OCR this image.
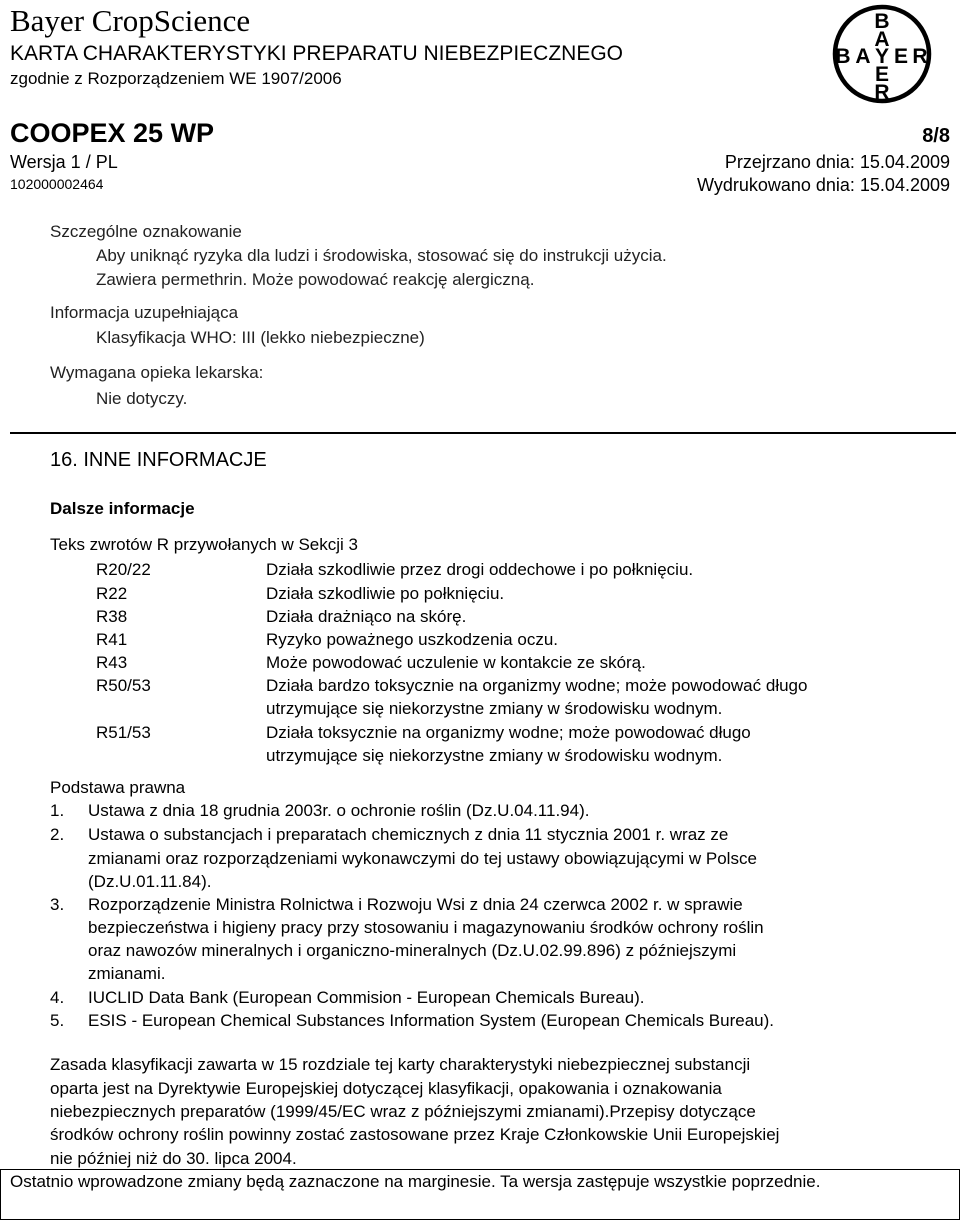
Bayer CropScience
KARTA CHARAKTERYSTYKI PREPARATU NIEBEZPIECZNEGO
zgodnie z Rozporządzeniem WE 1907/2006
B
A
B A Y E R
E
R
COOPEX 25 WP	8/8
Wersja 1 / PL	Przejrzano dnia: 15.04.2009
102000002464	Wydrukowano dnia: 15.04.2009
Szczególne oznakowanie
Aby uniknąć ryzyka dla ludzi i środowiska, stosować się do instrukcji użycia.
Zawiera permethrin. Może powodować reakcję alergiczną.
Informacja uzupełniająca
Klasyfikacja WHO: III (lekko niebezpieczne)
Wymagana opieka lekarska:
Nie dotyczy.
16. INNE INFORMACJE
Dalsze informacje
Teks zwrotów R przywołanych w Sekcji 3
R20/22	Działa szkodliwie przez drogi oddechowe i po połknięciu.
R22	Działa szkodliwie po połknięciu.
R38	Działa drażniąco na skórę.
R41	Ryzyko poważnego uszkodzenia oczu.
R43	Może powodować uczulenie w kontakcie ze skórą.
R50/53	Działa bardzo toksycznie na organizmy wodne; może powodować długo
utrzymujące się niekorzystne zmiany w środowisku wodnym.
R51/53	Działa toksycznie na organizmy wodne; może powodować długo
utrzymujące się niekorzystne zmiany w środowisku wodnym.
Podstawa prawna
1. Ustawa z dnia 18 grudnia 2003r. o ochronie roślin (Dz.U.04.11.94).
2. Ustawa o substancjach i preparatach chemicznych z dnia 11 stycznia 2001 r. wraz ze
zmianami oraz rozporządzeniami wykonawczymi do tej ustawy obowiązującymi w Polsce
(Dz.U.01.11.84).
3. Rozporządzenie Ministra Rolnictwa i Rozwoju Wsi z dnia 24 czerwca 2002 r. w sprawie
bezpieczeństwa i higieny pracy przy stosowaniu i magazynowaniu środków ochrony roślin
oraz nawozów mineralnych i organiczno-mineralnych (Dz.U.02.99.896) z późniejszymi
zmianami.
4. IUCLID Data Bank (European Commision - European Chemicals Bureau).
5. ESIS - European Chemical Substances Information System (European Chemicals Bureau).
Zasada klasyfikacji zawarta w 15 rozdziale tej karty charakterystyki niebezpiecznej substancji
oparta jest na Dyrektywie Europejskiej dotyczącej klasyfikacji, opakowania i oznakowania
niebezpiecznych preparatów (1999/45/EC wraz z późniejszymi zmianami).Przepisy dotyczące
środków ochrony roślin powinny zostać zastosowane przez Kraje Członkowskie Unii Europejskiej
nie później niż do 30. lipca 2004.
Ostatnio wprowadzone zmiany będą zaznaczone na marginesie. Ta wersja zastępuje wszystkie poprzednie.
